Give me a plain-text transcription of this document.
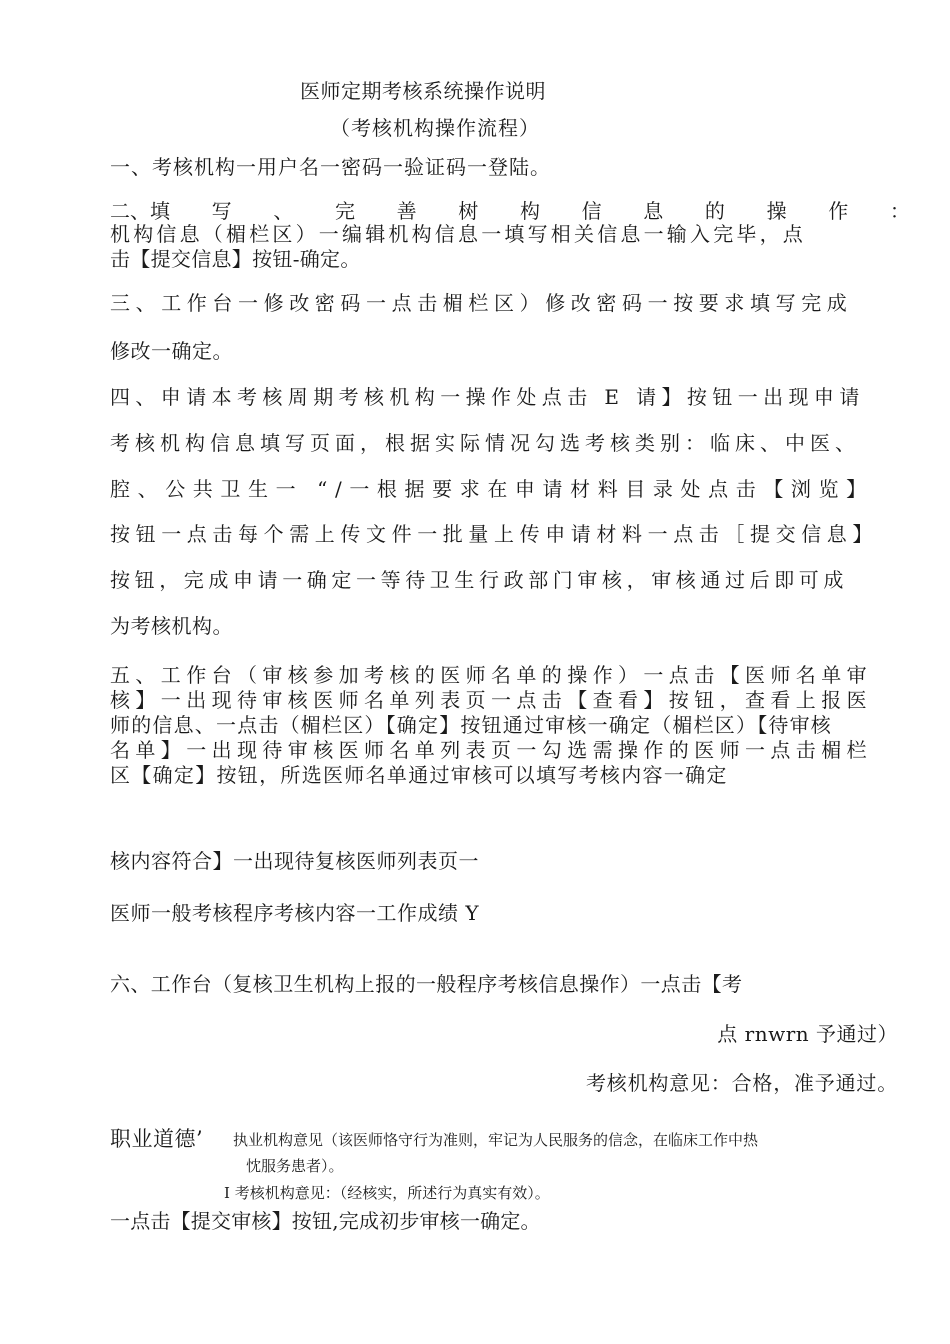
医师定期考核系统操作说明
（考核机构操作流程）
一、考核机构一用户名一密码一验证码一登陆。
二、填 写 、 完 善 树 构 信 息 的 操 作 ：
机构信息（楣栏区）一编辑机构信息一填写相关信息一输入完毕，点
击【提交信息】按钮-确定。
三、工作台一修改密码一点击楣栏区）修改密码一按要求填写完成
修改一确定。
四、申请本考核周期考核机构一操作处点击 E 请】按钮一出现申请
考核机构信息填写页面，根据实际情况勾选考核类别：临床、中医、
腔、公共卫生一 “/一根据要求在申请材料目录处点击【浏览】
按钮一点击每个需上传文件一批量上传申请材料一点击［提交信息】
按钮，完成申请一确定一等待卫生行政部门审核，审核通过后即可成
为考核机构。
五、工作台（审核参加考核的医师名单的操作）一点击【医师名单审
核】一出现待审核医师名单列表页一点击【查看】按钮，查看上报医
师的信息、一点击（楣栏区）【确定】按钮通过审核一确定（楣栏区）【待审核
名单】一出现待审核医师名单列表页一勾选需操作的医师一点击楣栏
区【确定】按钮，所选医师名单通过审核可以填写考核内容一确定
核内容符合】一出现待复核医师列表页一
医师一般考核程序考核内容一工作成绩 Y
六、工作台（复核卫生机构上报的一般程序考核信息操作）一点击【考
点 rnwrn 予通过）
考核机构意见：合格，准予通过。
职业道德’ 执业机构意见（该医师恪守行为准则，牢记为人民服务的信念，在临床工作中热
忱服务患者）。
I 考核机构意见：（经核实，所述行为真实有效）。
一点击【提交审核】按钮,完成初步审核一确定。
